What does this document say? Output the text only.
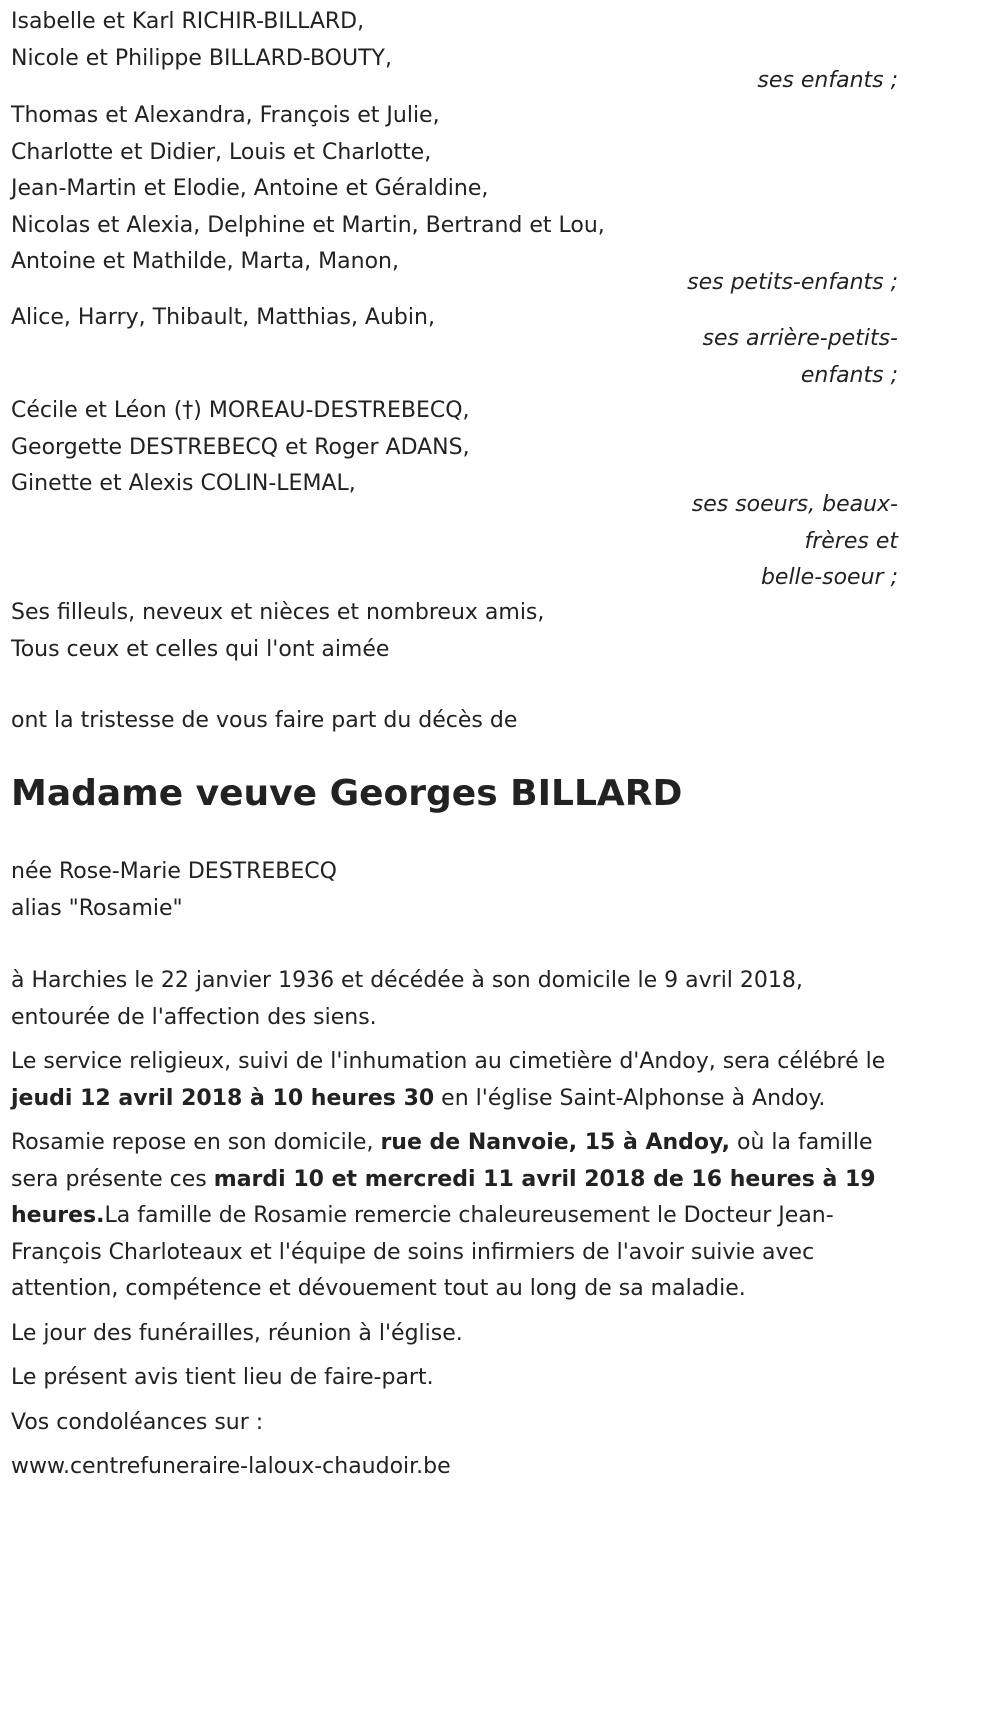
Isabelle et Karl RICHIR-BILLARD,
Nicole et Philippe BILLARD-BOUTY,
ses enfants ;
Thomas et Alexandra, François et Julie,
Charlotte et Didier, Louis et Charlotte,
Jean-Martin et Elodie, Antoine et Géraldine,
Nicolas et Alexia, Delphine et Martin, Bertrand et Lou,
Antoine et Mathilde, Marta, Manon,
ses petits-enfants ;
Alice, Harry, Thibault, Matthias, Aubin,
ses arrière-petits-
enfants ;
Cécile et Léon (†) MOREAU-DESTREBECQ,
Georgette DESTREBECQ et Roger ADANS,
Ginette et Alexis COLIN-LEMAL,
ses soeurs, beaux-
frères et
belle-soeur ;
Ses filleuls, neveux et nièces et nombreux amis,
Tous ceux et celles qui l'ont aimée
ont la tristesse de vous faire part du décès de
Madame veuve Georges BILLARD
née Rose-Marie DESTREBECQ
alias "Rosamie"

à Harchies le 22 janvier 1936 et décédée à son domicile le 9 avril 2018, entourée de l'affection des siens.

Le service religieux, suivi de l'inhumation au cimetière d'Andoy, sera célébré le jeudi 12 avril 2018 à 10 heures 30 en l'église Saint-Alphonse à Andoy.

Rosamie repose en son domicile, rue de Nanvoie, 15 à Andoy, où la famille sera présente ces mardi 10 et mercredi 11 avril 2018 de 16 heures à 19 heures.La famille de Rosamie remercie chaleureusement le Docteur Jean-François Charloteaux et l'équipe de soins infirmiers de l'avoir suivie avec attention, compétence et dévouement tout au long de sa maladie.

Le jour des funérailles, réunion à l'église.

Le présent avis tient lieu de faire-part.

Vos condoléances sur :

www.centrefuneraire-laloux-chaudoir.be
